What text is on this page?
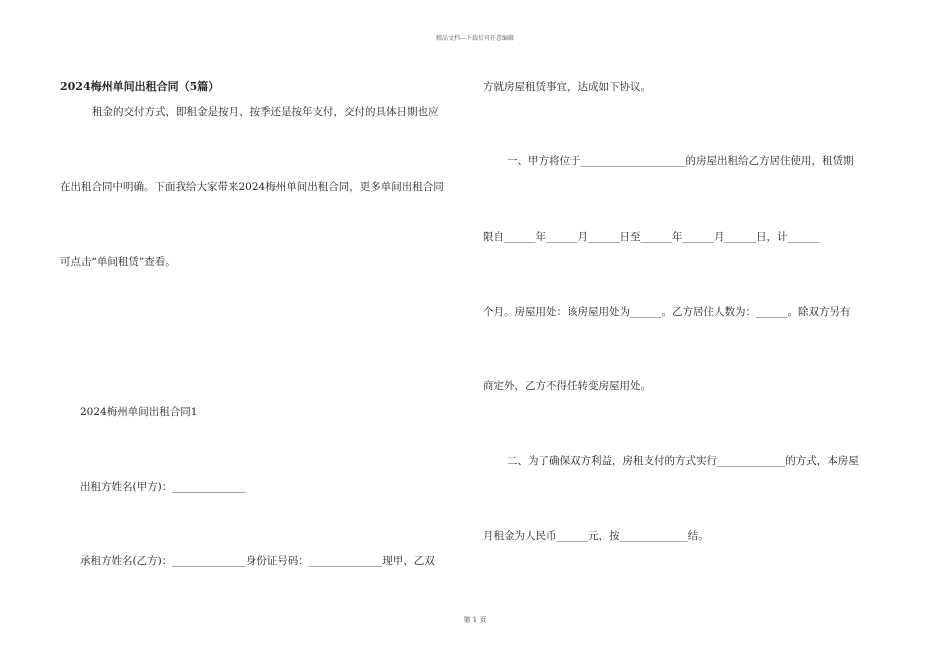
精品文档---下载后可任意编辑
2024梅州单间出租合同（5篇）
租金的交付方式，即租金是按月、按季还是按年支付，交付的具体日期也应
在出租合同中明确。下面我给大家带来2024梅州单间出租合同，更多单间出租合同
可点击“单间租赁”查看。
2024梅州单间出租合同1
出租方姓名(甲方)：______________
承租方姓名(乙方)：______________身份证号码：______________现甲、乙双
方就房屋租赁事宜，达成如下协议。
一、甲方将位于____________________的房屋出租给乙方居住使用，租赁期
限自______年______月______日至______年______月______日，计______
个月。房屋用处：该房屋用处为______。乙方居住人数为：______。除双方另有
商定外，乙方不得任转变房屋用处。
二、为了确保双方利益，房租支付的方式实行_____________的方式，本房屋
月租金为人民币______元，按_____________结。
第 1 页
